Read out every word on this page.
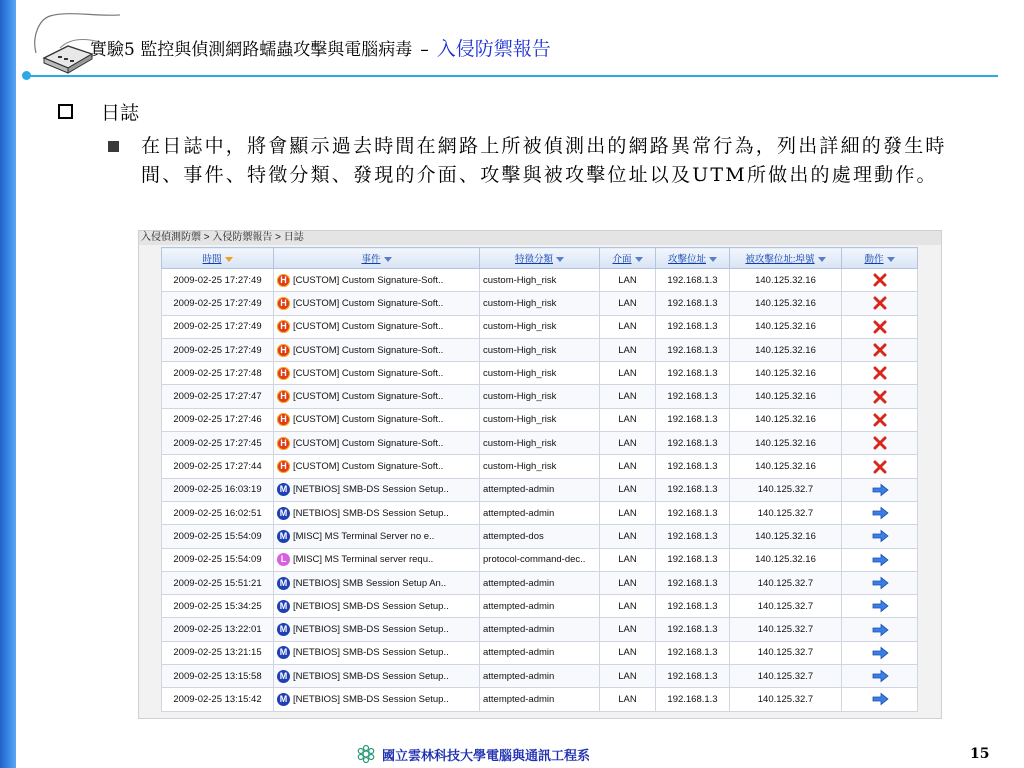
實驗5 監控與偵測網路蠕蟲攻擊與電腦病毒 – 入侵防禦報告
日誌

在日誌中，將會顯示過去時間在網路上所被偵測出的網路異常行為，列出詳細的發生時間、事件、特徵分類、發現的介面、攻擊與被攻擊位址以及UTM所做出的處理動作。

入侵偵測防禦 > 入侵防禦報告 > 日誌
時間	事件	特徵分類	介面	攻擊位址	被攻擊位址:埠號	動作
2009-02-25 17:27:49	H [CUSTOM] Custom Signature-Soft..	custom-High_risk	LAN	192.168.1.3	140.125.32.16	
2009-02-25 17:27:49	H [CUSTOM] Custom Signature-Soft..	custom-High_risk	LAN	192.168.1.3	140.125.32.16	
2009-02-25 17:27:49	H [CUSTOM] Custom Signature-Soft..	custom-High_risk	LAN	192.168.1.3	140.125.32.16	
2009-02-25 17:27:49	H [CUSTOM] Custom Signature-Soft..	custom-High_risk	LAN	192.168.1.3	140.125.32.16	
2009-02-25 17:27:48	H [CUSTOM] Custom Signature-Soft..	custom-High_risk	LAN	192.168.1.3	140.125.32.16	
2009-02-25 17:27:47	H [CUSTOM] Custom Signature-Soft..	custom-High_risk	LAN	192.168.1.3	140.125.32.16	
2009-02-25 17:27:46	H [CUSTOM] Custom Signature-Soft..	custom-High_risk	LAN	192.168.1.3	140.125.32.16	
2009-02-25 17:27:45	H [CUSTOM] Custom Signature-Soft..	custom-High_risk	LAN	192.168.1.3	140.125.32.16	
2009-02-25 17:27:44	H [CUSTOM] Custom Signature-Soft..	custom-High_risk	LAN	192.168.1.3	140.125.32.16	
2009-02-25 16:03:19	M [NETBIOS] SMB-DS Session Setup..	attempted-admin	LAN	192.168.1.3	140.125.32.7	
2009-02-25 16:02:51	M [NETBIOS] SMB-DS Session Setup..	attempted-admin	LAN	192.168.1.3	140.125.32.7	
2009-02-25 15:54:09	M [MISC] MS Terminal Server no e..	attempted-dos	LAN	192.168.1.3	140.125.32.16	
2009-02-25 15:54:09	L [MISC] MS Terminal server requ..	protocol-command-dec..	LAN	192.168.1.3	140.125.32.16	
2009-02-25 15:51:21	M [NETBIOS] SMB Session Setup An..	attempted-admin	LAN	192.168.1.3	140.125.32.7	
2009-02-25 15:34:25	M [NETBIOS] SMB-DS Session Setup..	attempted-admin	LAN	192.168.1.3	140.125.32.7	
2009-02-25 13:22:01	M [NETBIOS] SMB-DS Session Setup..	attempted-admin	LAN	192.168.1.3	140.125.32.7	
2009-02-25 13:21:15	M [NETBIOS] SMB-DS Session Setup..	attempted-admin	LAN	192.168.1.3	140.125.32.7	
2009-02-25 13:15:58	M [NETBIOS] SMB-DS Session Setup..	attempted-admin	LAN	192.168.1.3	140.125.32.7	
2009-02-25 13:15:42	M [NETBIOS] SMB-DS Session Setup..	attempted-admin	LAN	192.168.1.3	140.125.32.7	
國立雲林科技大學電腦與通訊工程系	15
